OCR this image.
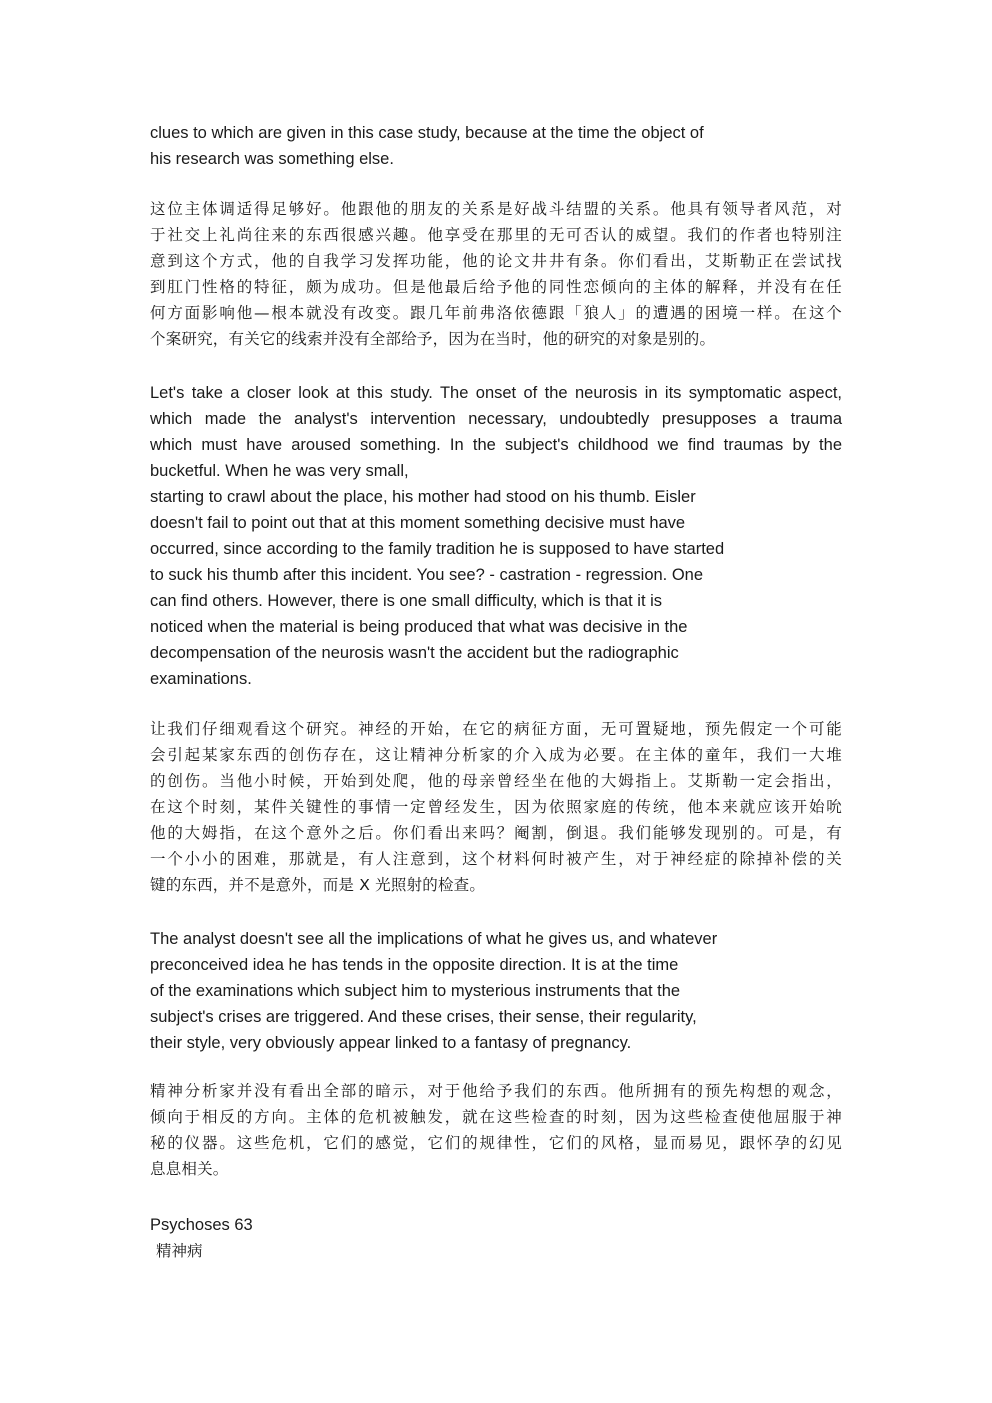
clues to which are given in this case study, because at the time the object of
his research was something else.
这位主体调适得足够好。他跟他的朋友的关系是好战斗结盟的关系。他具有领导者风范，对
于社交上礼尚往来的东西很感兴趣。他享受在那里的无可否认的威望。我们的作者也特别注
意到这个方式，他的自我学习发挥功能，他的论文井井有条。你们看出，艾斯勒正在尝试找
到肛门性格的特征，颇为成功。但是他最后给予他的同性恋倾向的主体的解释，并没有在任
何方面影响他—根本就没有改变。跟几年前弗洛依德跟「狼人」的遭遇的困境一样。在这个
个案研究，有关它的线索并没有全部给予，因为在当时，他的研究的对象是别的。
Let's take a closer look at this study. The onset of the neurosis in its symptomatic aspect,
which made the analyst's intervention necessary, undoubtedly presupposes a trauma
which must have aroused something. In the subject's childhood we find traumas by the
bucketful. When he was very small,
starting to crawl about the place, his mother had stood on his thumb. Eisler
doesn't fail to point out that at this moment something decisive must have
occurred, since according to the family tradition he is supposed to have started
to suck his thumb after this incident. You see? - castration - regression. One
can find others. However, there is one small difficulty, which is that it is
noticed when the material is being produced that what was decisive in the
decompensation of the neurosis wasn't the accident but the radiographic
examinations.
让我们仔细观看这个研究。神经的开始，在它的病征方面，无可置疑地，预先假定一个可能
会引起某家东西的创伤存在，这让精神分析家的介入成为必要。在主体的童年，我们一大堆
的创伤。当他小时候，开始到处爬，他的母亲曾经坐在他的大姆指上。艾斯勒一定会指出，
在这个时刻，某件关键性的事情一定曾经发生，因为依照家庭的传统，他本来就应该开始吮
他的大姆指，在这个意外之后。你们看出来吗？阉割，倒退。我们能够发现别的。可是，有
一个小小的困难，那就是，有人注意到，这个材料何时被产生，对于神经症的除掉补偿的关
键的东西，并不是意外，而是 X 光照射的检查。
The analyst doesn't see all the implications of what he gives us, and whatever
preconceived idea he has tends in the opposite direction. It is at the time
of the examinations which subject him to mysterious instruments that the
subject's crises are triggered. And these crises, their sense, their regularity,
their style, very obviously appear linked to a fantasy of pregnancy.
精神分析家并没有看出全部的暗示，对于他给予我们的东西。他所拥有的预先构想的观念，
倾向于相反的方向。主体的危机被触发，就在这些检查的时刻，因为这些检查使他屈服于神
秘的仪器。这些危机，它们的感觉，它们的规律性，它们的风格，显而易见，跟怀孕的幻见
息息相关。
Psychoses 63
精神病
